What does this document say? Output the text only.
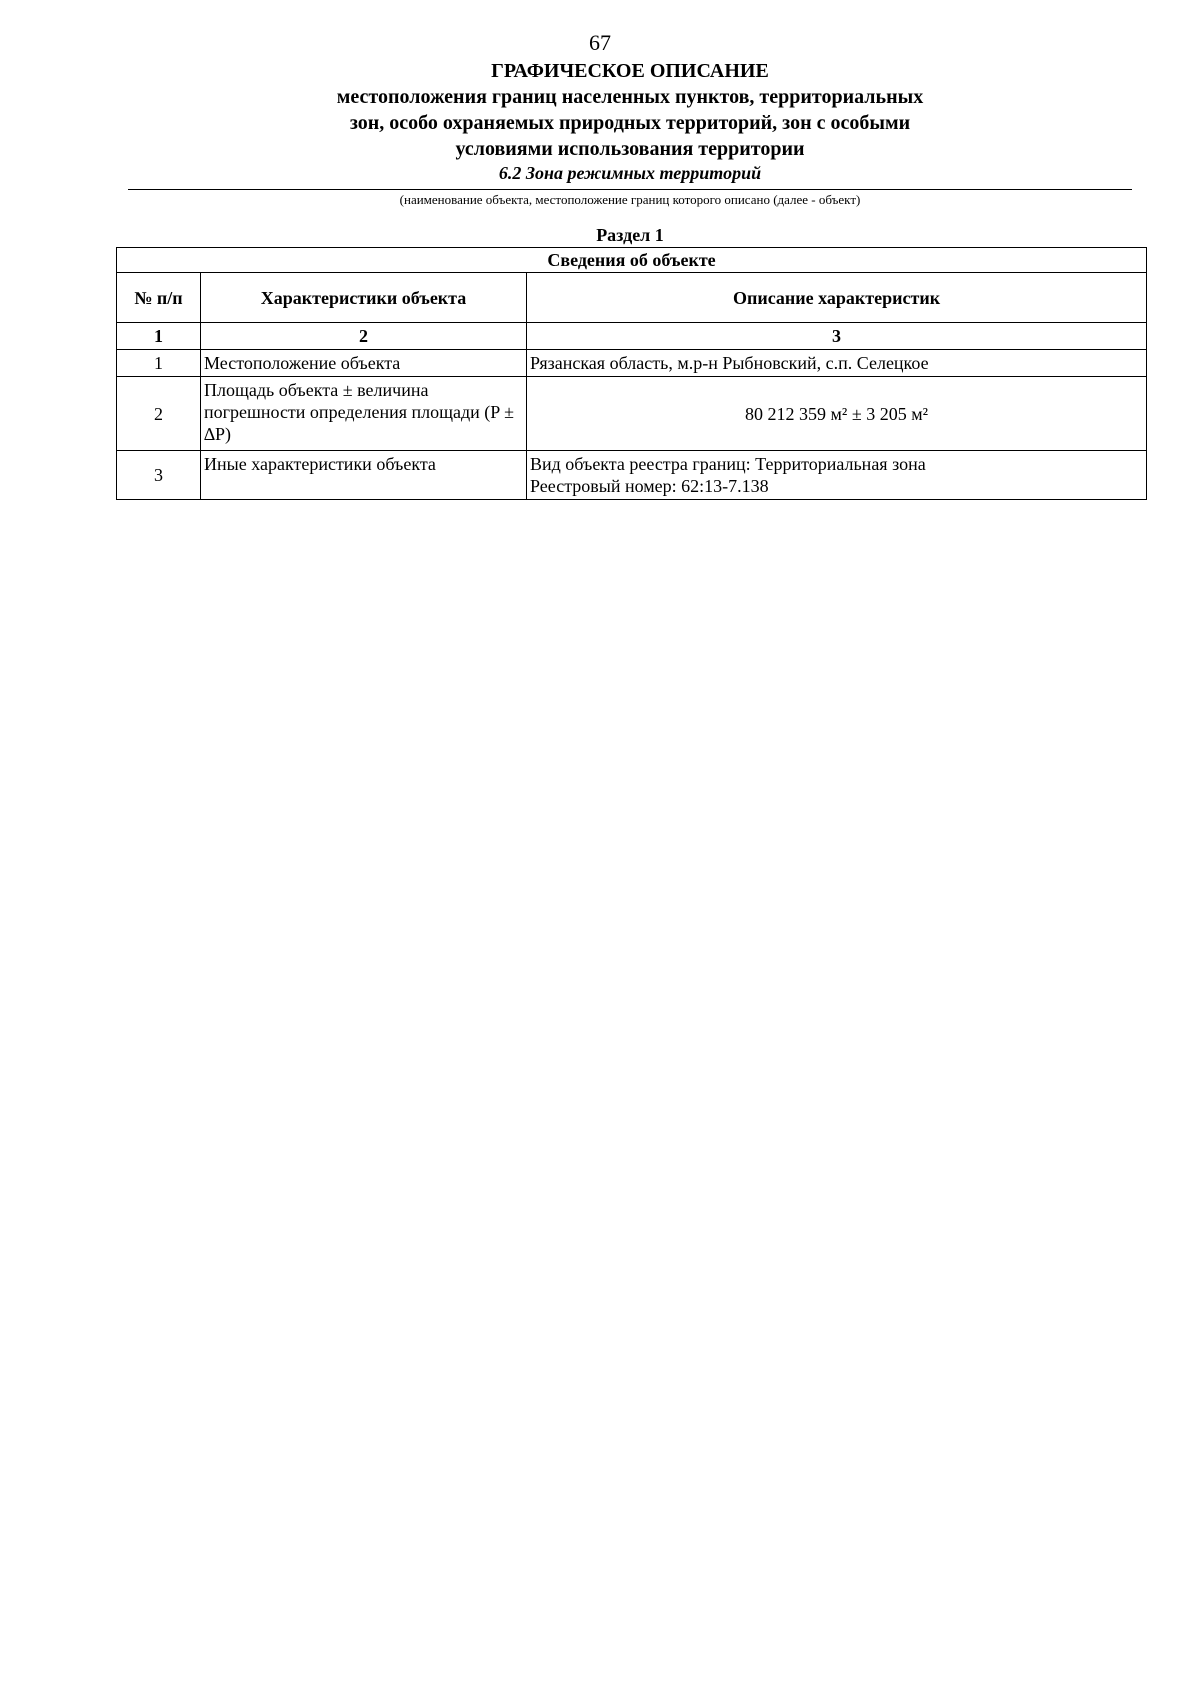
67
ГРАФИЧЕСКОЕ ОПИСАНИЕ
местоположения границ населенных пунктов, территориальных
зон, особо охраняемых природных территорий, зон с особыми
условиями использования территории
6.2 Зона режимных территорий
(наименование объекта, местоположение границ которого описано (далее - объект)
Раздел 1
Сведения об объекте		
№ п/п	Характеристики объекта	Описание характеристик
1	2	3
1	Местоположение объекта	Рязанская область, м.р-н Рыбновский, с.п. Селецкое

2	Площадь объекта ± величина погрешности определения площади (P ± ∆P)	80 212 359 м² ± 3 205 м²

3	Иные характеристики объекта	Вид объекта реестра границ: Территориальная зона
Реестровый номер: 62:13-7.138
